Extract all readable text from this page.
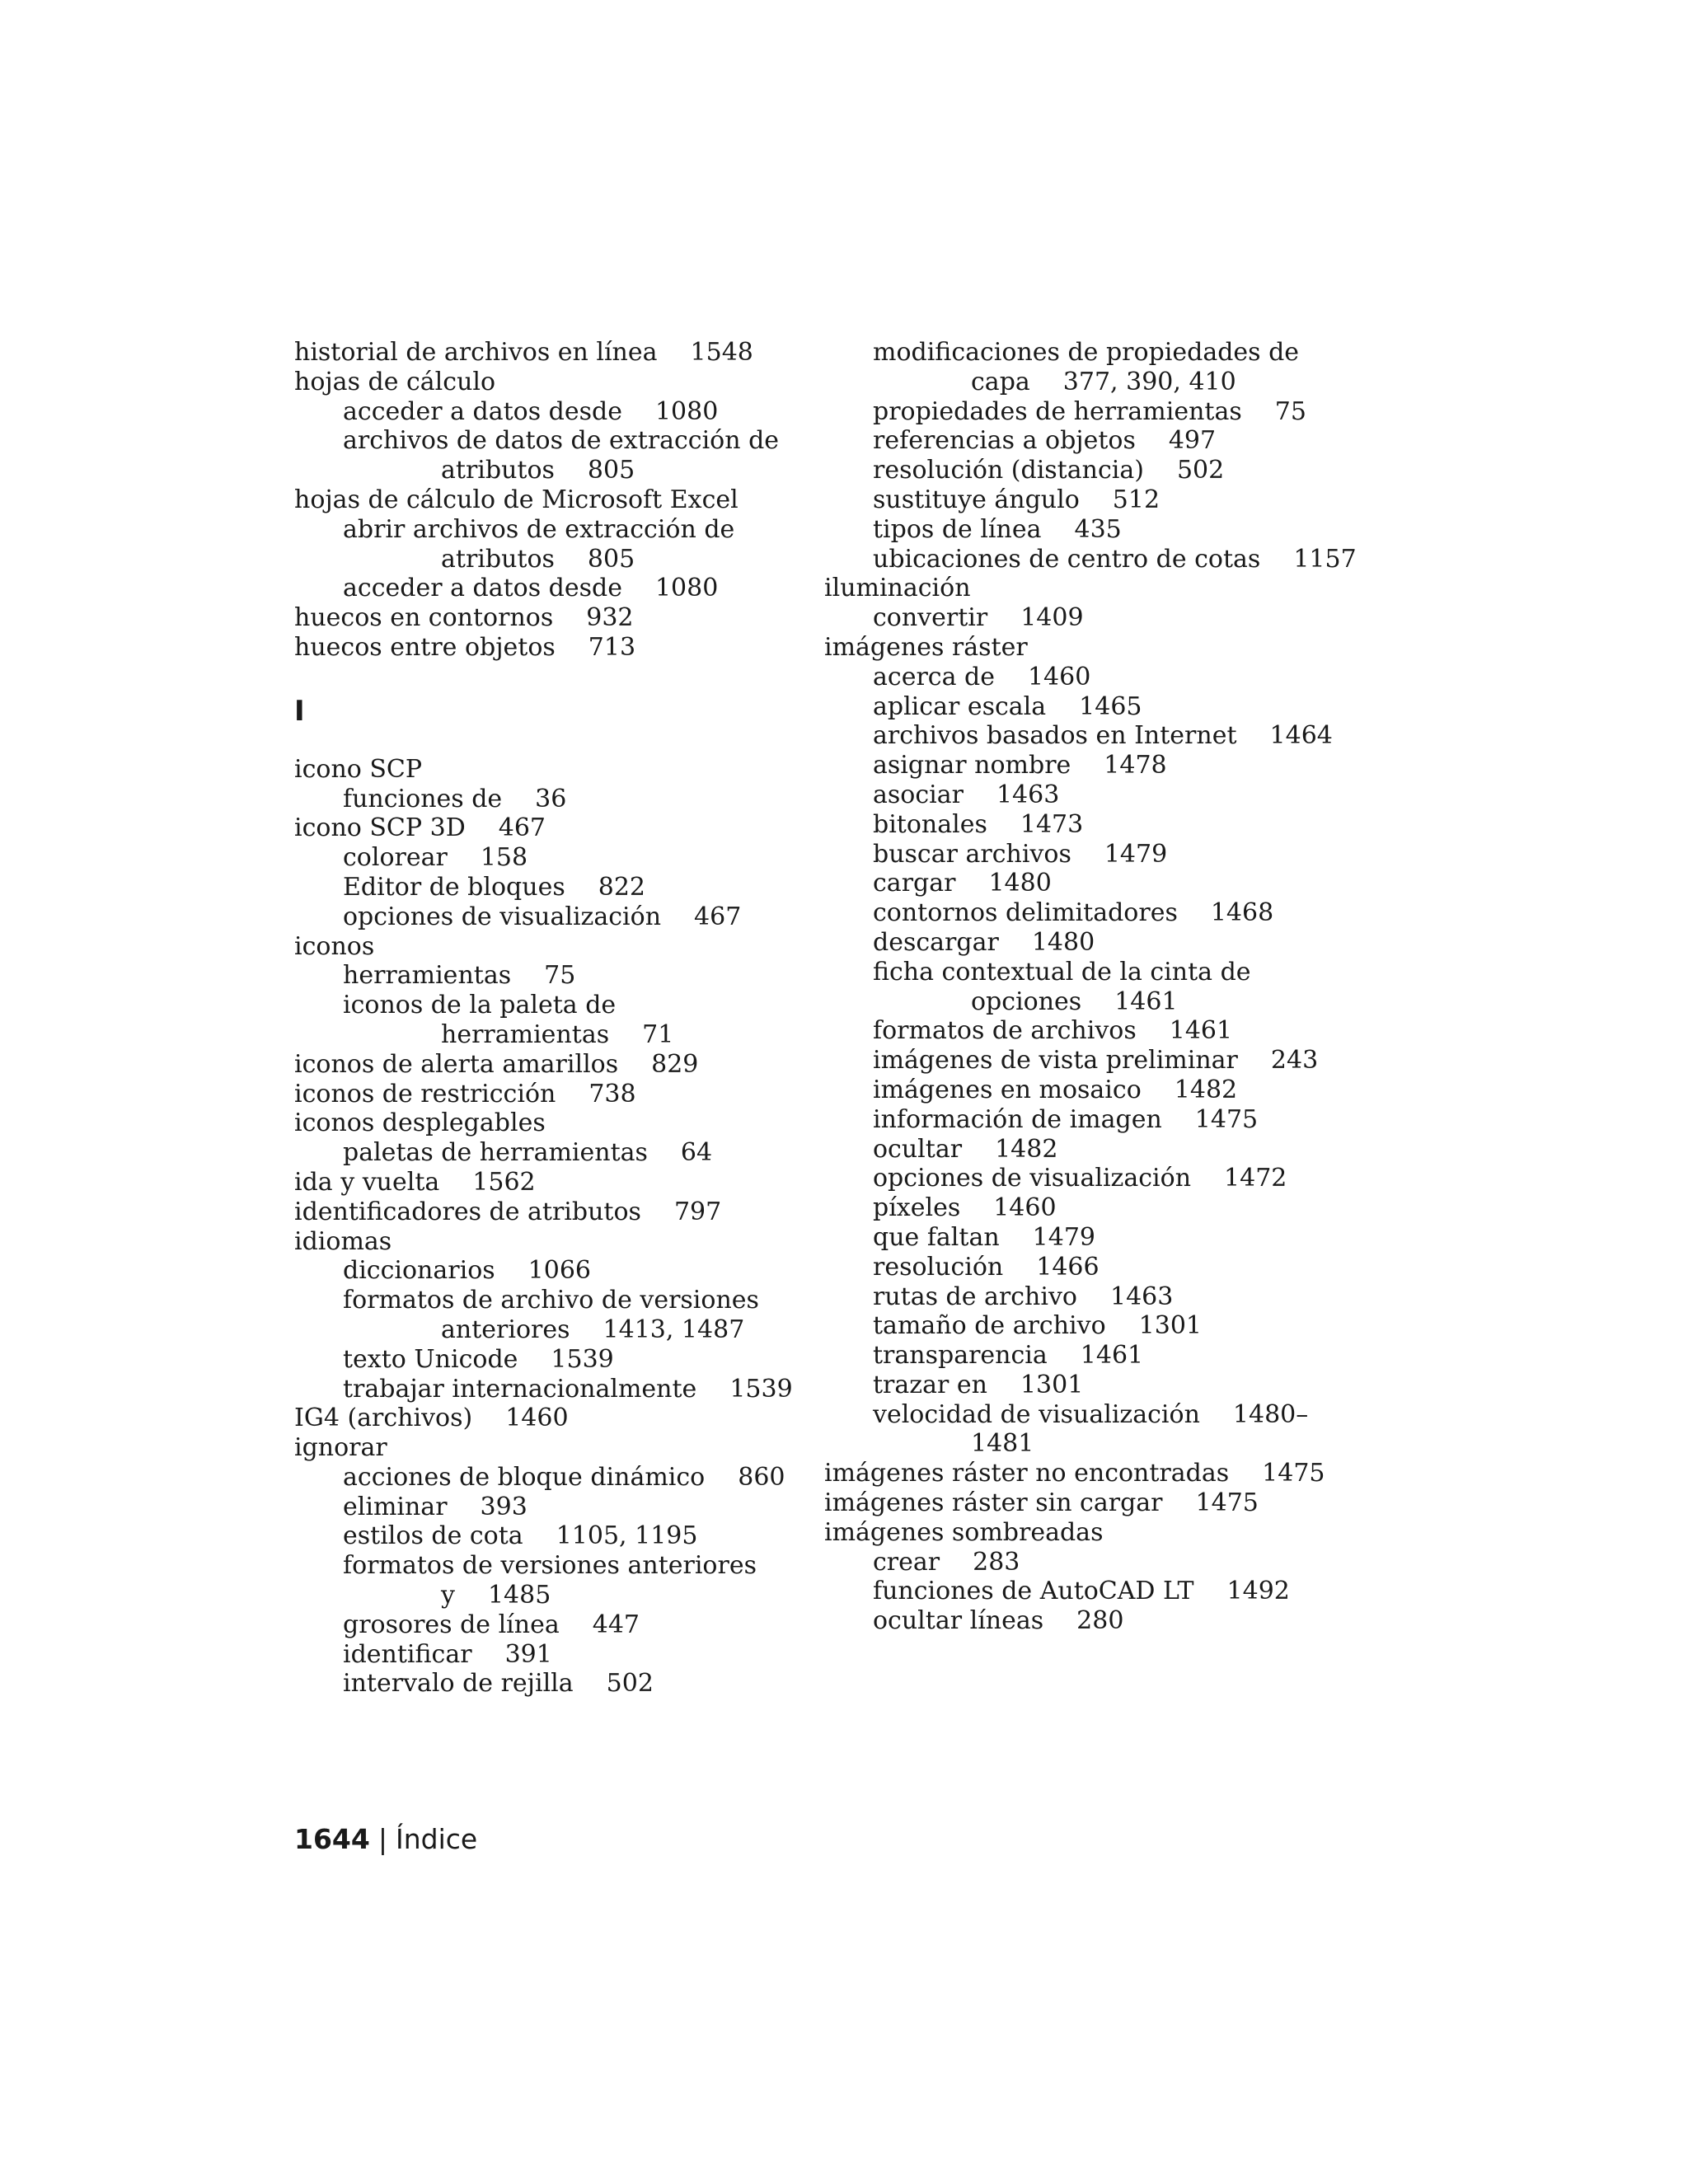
historial de archivos en línea 1548
hojas de cálculo
acceder a datos desde 1080
archivos de datos de extracción de
atributos 805
hojas de cálculo de Microsoft Excel
abrir archivos de extracción de
atributos 805
acceder a datos desde 1080
huecos en contornos 932
huecos entre objetos 713
I
icono SCP
funciones de 36
icono SCP 3D 467
colorear 158
Editor de bloques 822
opciones de visualización 467
iconos
herramientas 75
iconos de la paleta de
herramientas 71
iconos de alerta amarillos 829
iconos de restricción 738
iconos desplegables
paletas de herramientas 64
ida y vuelta 1562
identificadores de atributos 797
idiomas
diccionarios 1066
formatos de archivo de versiones
anteriores 1413, 1487
texto Unicode 1539
trabajar internacionalmente 1539
IG4 (archivos) 1460
ignorar
acciones de bloque dinámico 860
eliminar 393
estilos de cota 1105, 1195
formatos de versiones anteriores
y 1485
grosores de línea 447
identificar 391
intervalo de rejilla 502
modificaciones de propiedades de
capa 377, 390, 410
propiedades de herramientas 75
referencias a objetos 497
resolución (distancia) 502
sustituye ángulo 512
tipos de línea 435
ubicaciones de centro de cotas 1157
iluminación
convertir 1409
imágenes ráster
acerca de 1460
aplicar escala 1465
archivos basados en Internet 1464
asignar nombre 1478
asociar 1463
bitonales 1473
buscar archivos 1479
cargar 1480
contornos delimitadores 1468
descargar 1480
ficha contextual de la cinta de
opciones 1461
formatos de archivos 1461
imágenes de vista preliminar 243
imágenes en mosaico 1482
información de imagen 1475
ocultar 1482
opciones de visualización 1472
píxeles 1460
que faltan 1479
resolución 1466
rutas de archivo 1463
tamaño de archivo 1301
transparencia 1461
trazar en 1301
velocidad de visualización 1480–
1481
imágenes ráster no encontradas 1475
imágenes ráster sin cargar 1475
imágenes sombreadas
crear 283
funciones de AutoCAD LT 1492
ocultar líneas 280
1644 | Índice
